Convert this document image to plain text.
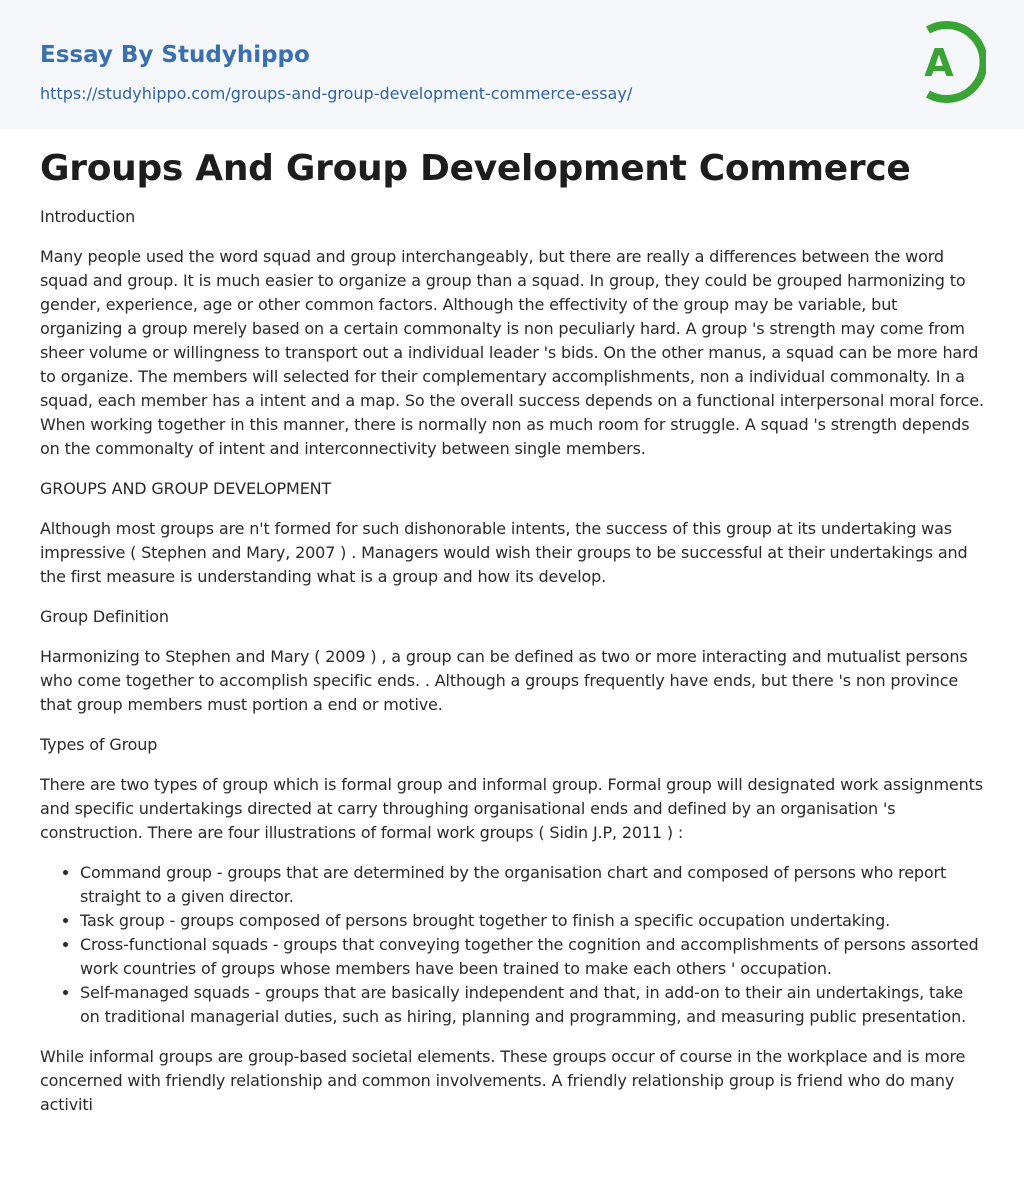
Essay By Studyhippo
https://studyhippo.com/groups-and-group-development-commerce-essay/
A
Groups And Group Development Commerce

Introduction

Many people used the word squad and group interchangeably, but there are really a differences between the word squad and group. It is much easier to organize a group than a squad. In group, they could be grouped harmonizing to gender, experience, age or other common factors. Although the effectivity of the group may be variable, but organizing a group merely based on a certain commonalty is non peculiarly hard. A group 's strength may come from sheer volume or willingness to transport out a individual leader 's bids. On the other manus, a squad can be more hard to organize. The members will selected for their complementary accomplishments, non a individual commonalty. In a squad, each member has a intent and a map. So the overall success depends on a functional interpersonal moral force. When working together in this manner, there is normally non as much room for struggle. A squad 's strength depends on the commonalty of intent and interconnectivity between single members.

GROUPS AND GROUP DEVELOPMENT

Although most groups are n't formed for such dishonorable intents, the success of this group at its undertaking was impressive ( Stephen and Mary, 2007 ) . Managers would wish their groups to be successful at their undertakings and the first measure is understanding what is a group and how its develop.

Group Definition

Harmonizing to Stephen and Mary ( 2009 ) , a group can be defined as two or more interacting and mutualist persons who come together to accomplish specific ends. . Although a groups frequently have ends, but there 's non province that group members must portion a end or motive.

Types of Group

There are two types of group which is formal group and informal group. Formal group will designated work assignments and specific undertakings directed at carry throughing organisational ends and defined by an organisation 's construction. There are four illustrations of formal work groups ( Sidin J.P, 2011 ) :

• Command group - groups that are determined by the organisation chart and composed of persons who report straight to a given director.
• Task group - groups composed of persons brought together to finish a specific occupation undertaking.
• Cross-functional squads - groups that conveying together the cognition and accomplishments of persons assorted work countries of groups whose members have been trained to make each others ' occupation.
• Self-managed squads - groups that are basically independent and that, in add-on to their ain undertakings, take on traditional managerial duties, such as hiring, planning and programming, and measuring public presentation.

While informal groups are group-based societal elements. These groups occur of course in the workplace and is more concerned with friendly relationship and common involvements. A friendly relationship group is friend who do many activiti
